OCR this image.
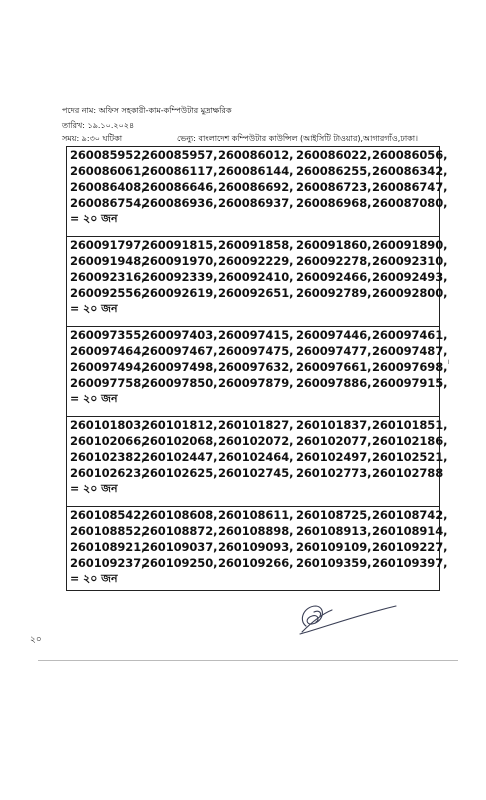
পদের নাম: অফিস সহকারী-কাম-কম্পিউটার মুদ্রাক্ষরিক
তারিখ: ১৯.১০.২০২৪
সময়: ৯:৩০ ঘটিকা	ভেন্যু: বাংলাদেশ কম্পিউটার কাউন্সিল (আইসিটি টাওয়ার),আগারগাঁও,ঢাকা।
260085952,
260085957, 260086012, 260086022, 260086056,
260086061,
260086117, 260086144, 260086255, 260086342,
260086408,
260086646, 260086692, 260086723, 260086747,
260086754,
260086936, 260086937, 260086968, 260087080,
= ২০ জন

260091797,
260091815, 260091858, 260091860, 260091890,
260091948,
260091970, 260092229, 260092278, 260092310,
260092316,
260092339, 260092410, 260092466, 260092493,
260092556,
260092619, 260092651, 260092789, 260092800,
= ২০ জন

260097355,
260097403, 260097415, 260097446, 260097461,
260097464,
260097467, 260097475, 260097477, 260097487,
260097494,
260097498, 260097632, 260097661, 260097698,
260097758,
260097850, 260097879, 260097886, 260097915,
= ২০ জন

260101803,
260101812, 260101827, 260101837, 260101851,
260102066,
260102068, 260102072, 260102077, 260102186,
260102382,
260102447, 260102464, 260102497, 260102521,
260102623,
260102625, 260102745, 260102773, 260102788
= ২০ জন

260108542,
260108608, 260108611, 260108725, 260108742,
260108852,
260108872, 260108898, 260108913, 260108914,
260108921,
260109037, 260109093, 260109109, 260109227,
260109237,
260109250, 260109266, 260109359, 260109397,
= ২০ জন
।
২০
